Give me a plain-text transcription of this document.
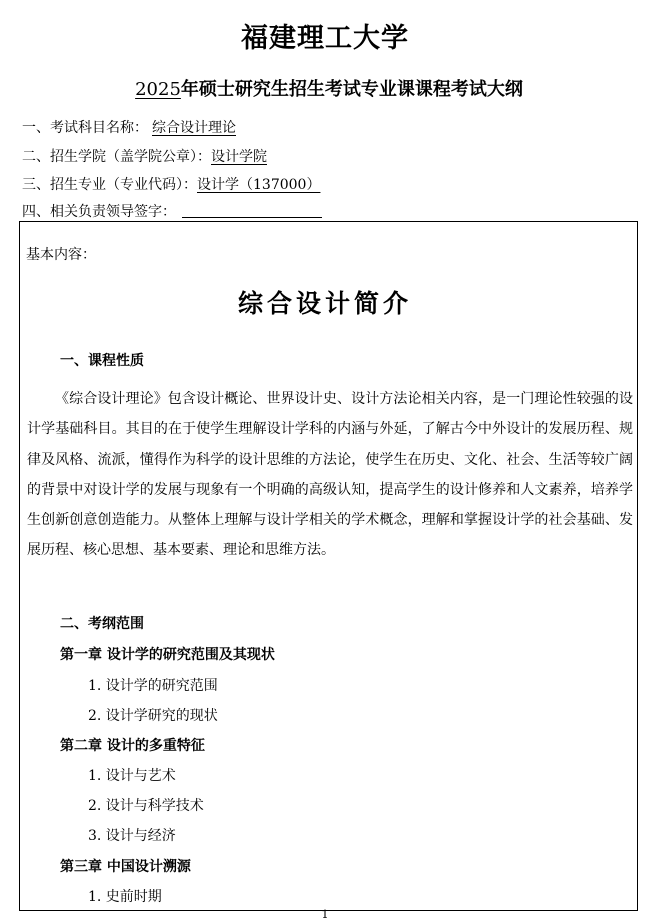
福建理工大学
2025年硕士研究生招生考试专业课课程考试大纲
一、考试科目名称： 综合设计理论
二、招生学院（盖学院公章）：设计学院
三、招生专业（专业代码）：设计学（137000）
四、相关负责领导签字：
基本内容：
综合设计简介
一、课程性质

《综合设计理论》包含设计概论、世界设计史、设计方法论相关内容，是一门理论性较强的设计学基础科目。其目的在于使学生理解设计学科的内涵与外延，了解古今中外设计的发展历程、规律及风格、流派，懂得作为科学的设计思维的方法论，使学生在历史、文化、社会、生活等较广阔的背景中对设计学的发展与现象有一个明确的高级认知，提高学生的设计修养和人文素养，培养学生创新创意创造能力。从整体上理解与设计学相关的学术概念，理解和掌握设计学的社会基础、发展历程、核心思想、基本要素、理论和思维方法。

二、考纲范围
第一章 设计学的研究范围及其现状
1. 设计学的研究范围
2. 设计学研究的现状
第二章 设计的多重特征
1. 设计与艺术
2. 设计与科学技术
3. 设计与经济
第三章 中国设计溯源
1. 史前时期
1
